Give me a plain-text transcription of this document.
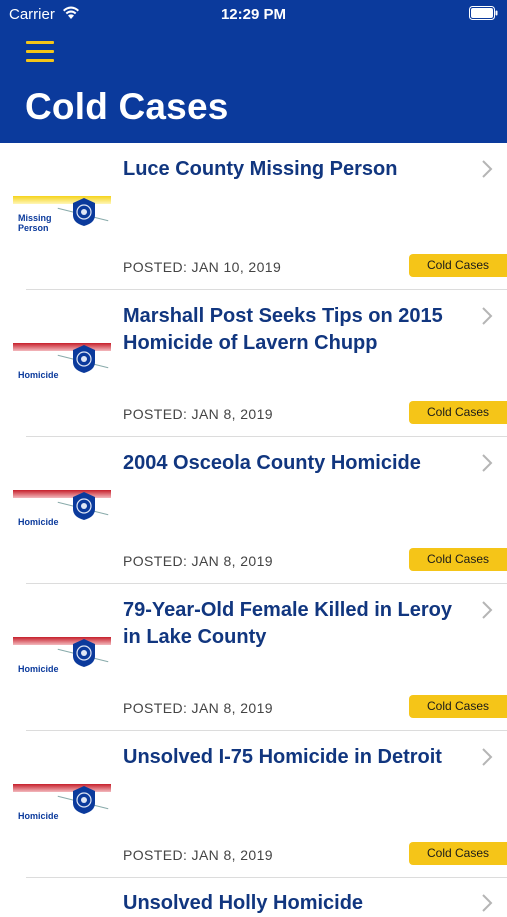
Carrier	12:29 PM
Cold Cases
Missing
Person
Luce County Missing Person
POSTED: JAN 10, 2019	Cold Cases
Homicide
Marshall Post Seeks Tips on 2015 Homicide of Lavern Chupp
POSTED: JAN 8, 2019	Cold Cases
Homicide
2004 Osceola County Homicide
POSTED: JAN 8, 2019	Cold Cases
Homicide
79-Year-Old Female Killed in Leroy in Lake County
POSTED: JAN 8, 2019	Cold Cases
Homicide
Unsolved I-75 Homicide in Detroit
POSTED: JAN 8, 2019	Cold Cases
Unsolved Holly Homicide
